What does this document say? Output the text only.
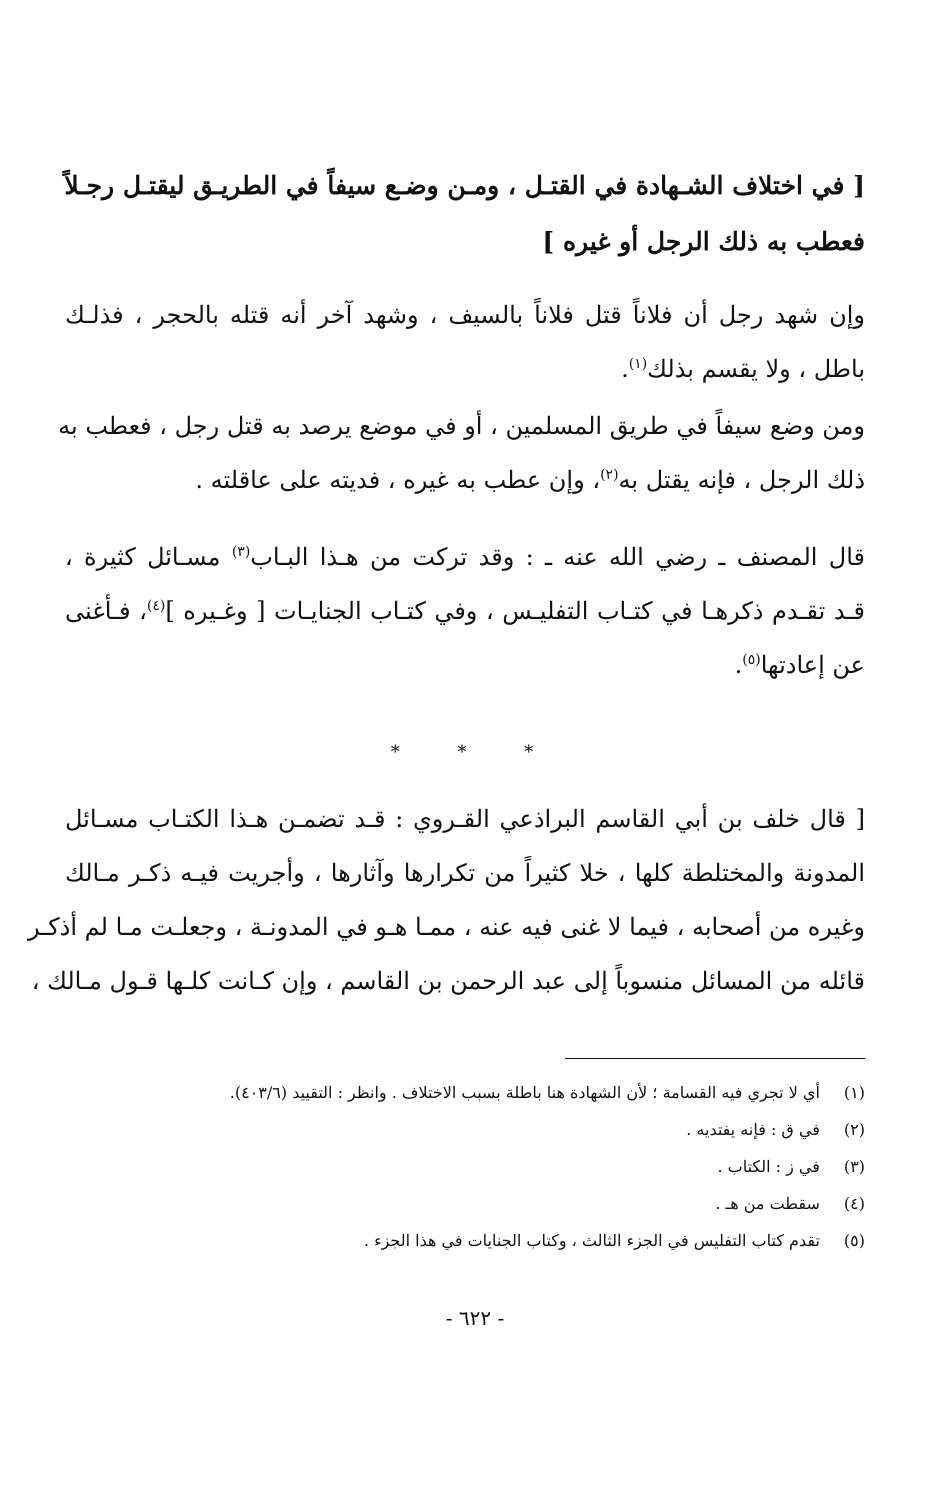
[ في اختلاف الشـهادة في القتـل ، ومـن وضـع سيفاً في الطريـق ليقتـل رجـلاً
فعطب به ذلك الرجل أو غيره ]
وإن شهد رجل أن فلاناً قتل فلاناً بالسيف ، وشهد آخر أنه قتله بالحجر ، فذلـك
باطل ، ولا يقسم بذلك$^{(١)}$.
ومن وضع سيفاً في طريق المسلمين ، أو في موضع يرصد به قتل رجل ، فعطب به
ذلك الرجل ، فإنه يقتل به$^{(٢)}$، وإن عطب به غيره ، فديته على عاقلته .
قال المصنف ـ رضي الله عنه ـ : وقد تركت من هـذا البـاب$^{(٣)}$ مسـائل كثيرة ،
قـد تقـدم ذكرهـا في كتـاب التفليـس ، وفي كتـاب الجنايـات [ وغـيره ]$^{(٤)}$، فـأغنى
عن إعادتها$^{(٥)}$.
* * *
[ قال خلف بن أبي القاسم البراذعي القـروي : قـد تضمـن هـذا الكتـاب مسـائل
المدونة والمختلطة كلها ، خلا كثيراً من تكرارها وآثارها ، وأجريت فيـه ذكـر مـالك
وغيره من أصحابه ، فيما لا غنى فيه عنه ، ممـا هـو في المدونـة ، وجعلـت مـا لم أذكـر
قائله من المسائل منسوباً إلى عبد الرحمن بن القاسم ، وإن كـانت كلـها قـول مـالك ،
(١) أي لا تجري فيه القسامة ؛ لأن الشهادة هنا باطلة بسبب الاختلاف . وانظر : التقييد (٤٠٣/٦).
(٢) في ق : فإنه يفتديه .
(٣) في ز : الكتاب .
(٤) سقطت من هـ .
(٥) تقدم كتاب التفليس في الجزء الثالث ، وكتاب الجنايات في هذا الجزء .
- ٦٢٢ -
